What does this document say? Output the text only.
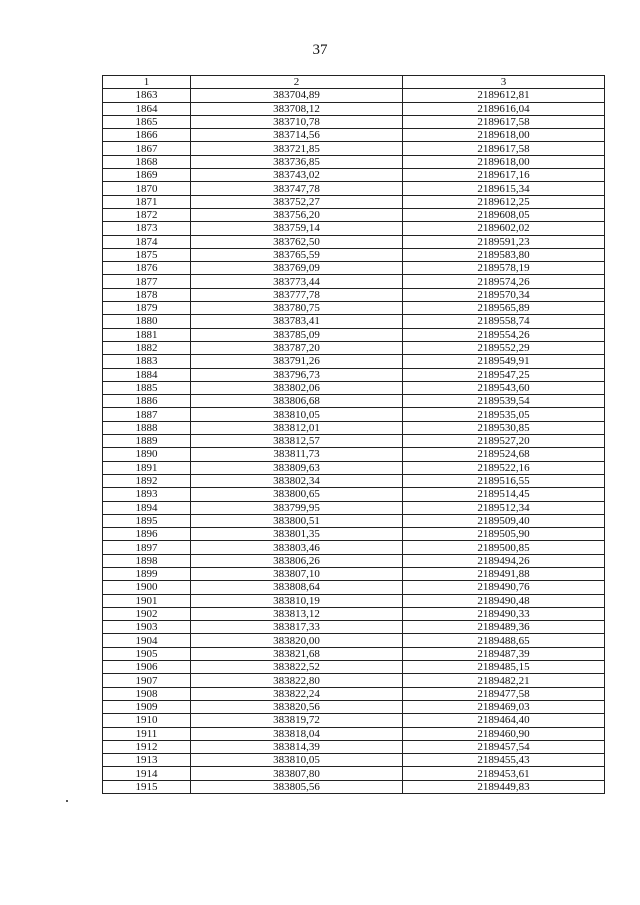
37
1	2	3
1863	383704,89	2189612,81
1864	383708,12	2189616,04
1865	383710,78	2189617,58
1866	383714,56	2189618,00
1867	383721,85	2189617,58
1868	383736,85	2189618,00
1869	383743,02	2189617,16
1870	383747,78	2189615,34
1871	383752,27	2189612,25
1872	383756,20	2189608,05
1873	383759,14	2189602,02
1874	383762,50	2189591,23
1875	383765,59	2189583,80
1876	383769,09	2189578,19
1877	383773,44	2189574,26
1878	383777,78	2189570,34
1879	383780,75	2189565,89
1880	383783,41	2189558,74
1881	383785,09	2189554,26
1882	383787,20	2189552,29
1883	383791,26	2189549,91
1884	383796,73	2189547,25
1885	383802,06	2189543,60
1886	383806,68	2189539,54
1887	383810,05	2189535,05
1888	383812,01	2189530,85
1889	383812,57	2189527,20
1890	383811,73	2189524,68
1891	383809,63	2189522,16
1892	383802,34	2189516,55
1893	383800,65	2189514,45
1894	383799,95	2189512,34
1895	383800,51	2189509,40
1896	383801,35	2189505,90
1897	383803,46	2189500,85
1898	383806,26	2189494,26
1899	383807,10	2189491,88
1900	383808,64	2189490,76
1901	383810,19	2189490,48
1902	383813,12	2189490,33
1903	383817,33	2189489,36
1904	383820,00	2189488,65
1905	383821,68	2189487,39
1906	383822,52	2189485,15
1907	383822,80	2189482,21
1908	383822,24	2189477,58
1909	383820,56	2189469,03
1910	383819,72	2189464,40
1911	383818,04	2189460,90
1912	383814,39	2189457,54
1913	383810,05	2189455,43
1914	383807,80	2189453,61
1915	383805,56	2189449,83
